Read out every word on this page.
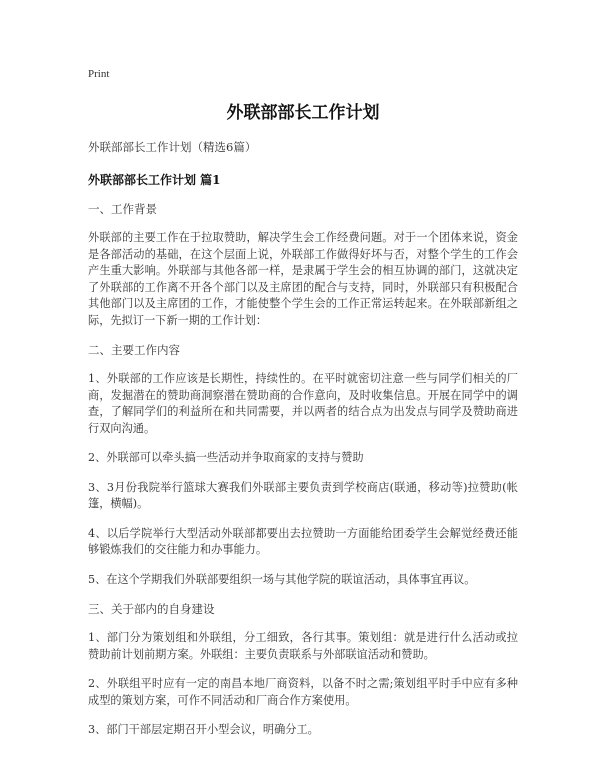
Print
外联部部长工作计划
外联部部长工作计划（精选6篇）
外联部部长工作计划 篇1
一、工作背景
外联部的主要工作在于拉取赞助，解决学生会工作经费问题。对于一个团体来说，资金是各部活动的基础，在这个层面上说，外联部工作做得好坏与否，对整个学生的工作会产生重大影响。外联部与其他各部一样，是隶属于学生会的相互协调的部门，这就决定了外联部的工作离不开各个部门以及主席团的配合与支持，同时，外联部只有积极配合其他部门以及主席团的工作，才能使整个学生会的工作正常运转起来。在外联部新组之际，先拟订一下新一期的工作计划：
二、主要工作内容
1、外联部的工作应该是长期性，持续性的。在平时就密切注意一些与同学们相关的厂商，发掘潜在的赞助商洞察潜在赞助商的合作意向，及时收集信息。开展在同学中的调查，了解同学们的利益所在和共同需要，并以两者的结合点为出发点与同学及赞助商进行双向沟通。
2、外联部可以牵头搞一些活动并争取商家的支持与赞助
3、3月份我院举行篮球大赛我们外联部主要负责到学校商店(联通，移动等)拉赞助(帐篷，横幅)。
4、以后学院举行大型活动外联部都要出去拉赞助一方面能给团委学生会解觉经费还能够锻炼我们的交往能力和办事能力。
5、在这个学期我们外联部要组织一场与其他学院的联谊活动，具体事宜再议。
三、关于部内的自身建设
1、部门分为策划组和外联组，分工细致，各行其事。策划组：就是进行什么活动或拉赞助前计划前期方案。外联组：主要负责联系与外部联谊活动和赞助。
2、外联组平时应有一定的南昌本地厂商资料，以备不时之需;策划组平时手中应有多种成型的策划方案，可作不同活动和厂商合作方案使用。
3、部门干部层定期召开小型会议，明确分工。
